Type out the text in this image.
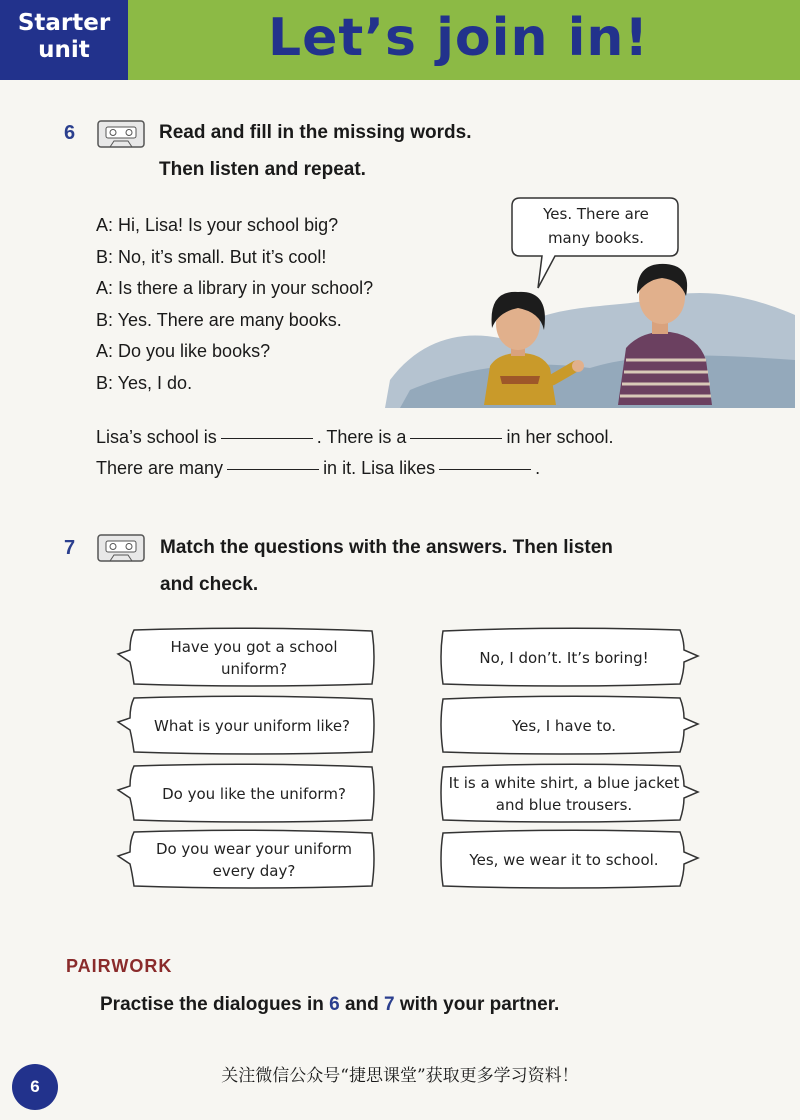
Starter
unit	Let’s join in!
6	Read and fill in the missing words.
Then listen and repeat.
A: Hi, Lisa! Is your school big?
B: No, it’s small. But it’s cool!
A: Is there a library in your school?
B: Yes. There are many books.
A: Do you like books?
B: Yes, I do.
Yes. There are
many books.
Lisa’s school is	. There is a	in her school.
There are many	in it. Lisa likes	.
7	Match the questions with the answers. Then listen
and check.
Have you got a school uniform?
What is your uniform like?
Do you like the uniform?
Do you wear your uniform every day?
No, I don’t. It’s boring!
Yes, I have to.
It is a white shirt, a blue jacket and blue trousers.
Yes, we wear it to school.
PAIRWORK
Practise the dialogues in 6 and 7 with your partner.
关注微信公众号“捷思课堂”获取更多学习资料！
6
